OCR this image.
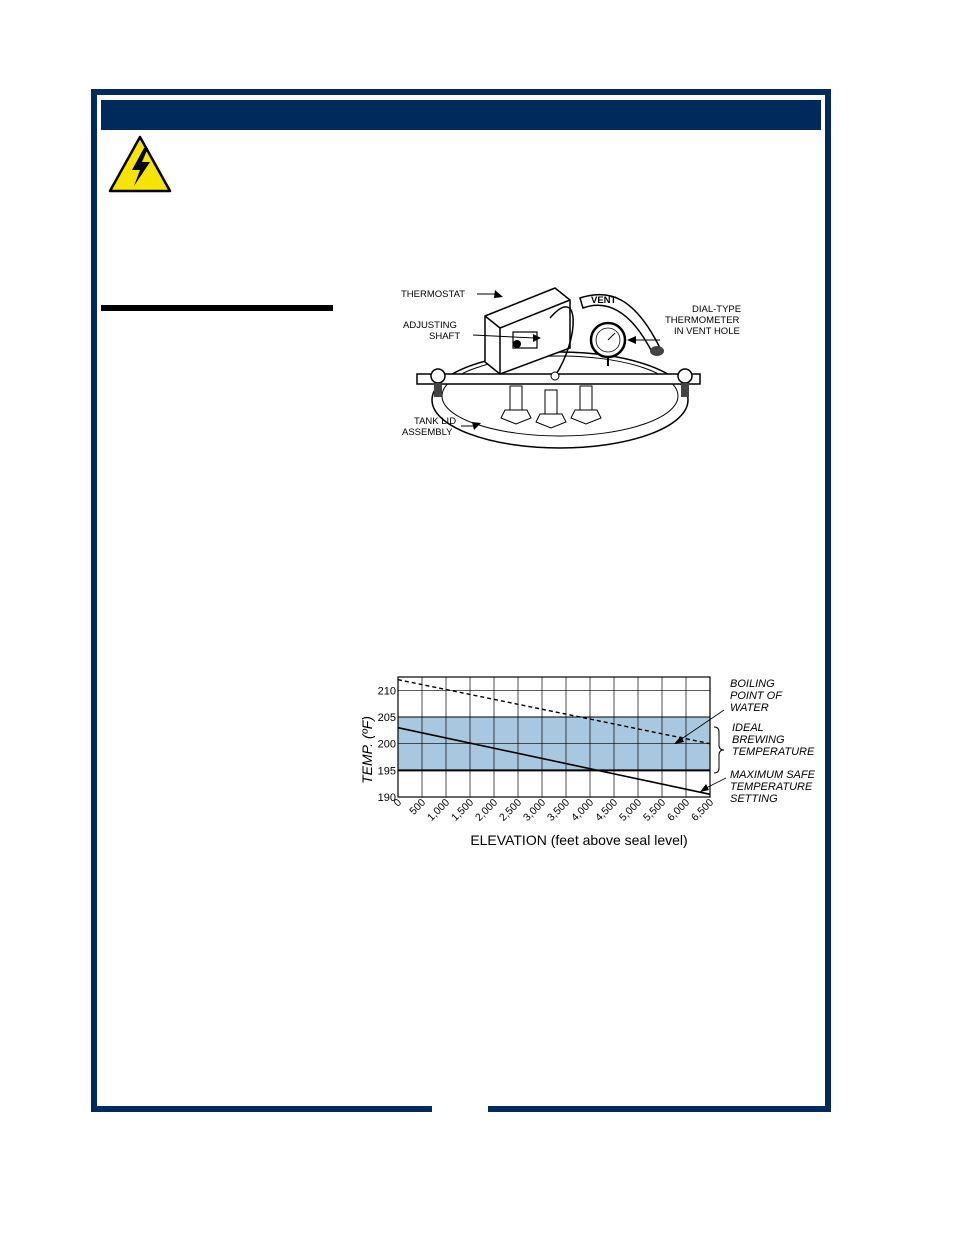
VENT
THERMOSTAT
ADJUSTING
SHAFT
DIAL-TYPE
THERMOMETER
IN VENT HOLE
TANK LID
ASSEMBLY
190
195
200
205
210
0 500
1,000
1,500
2,000
2,500
3,000
3,500
4,000
4,500
5,000
5,500
6,000
6,500
TEMP. (ºF)
ELEVATION (feet above seal level)
BOILING
POINT OF
WATER
IDEAL
BREWING
TEMPERATURE
MAXIMUM SAFE
TEMPERATURE
SETTING
